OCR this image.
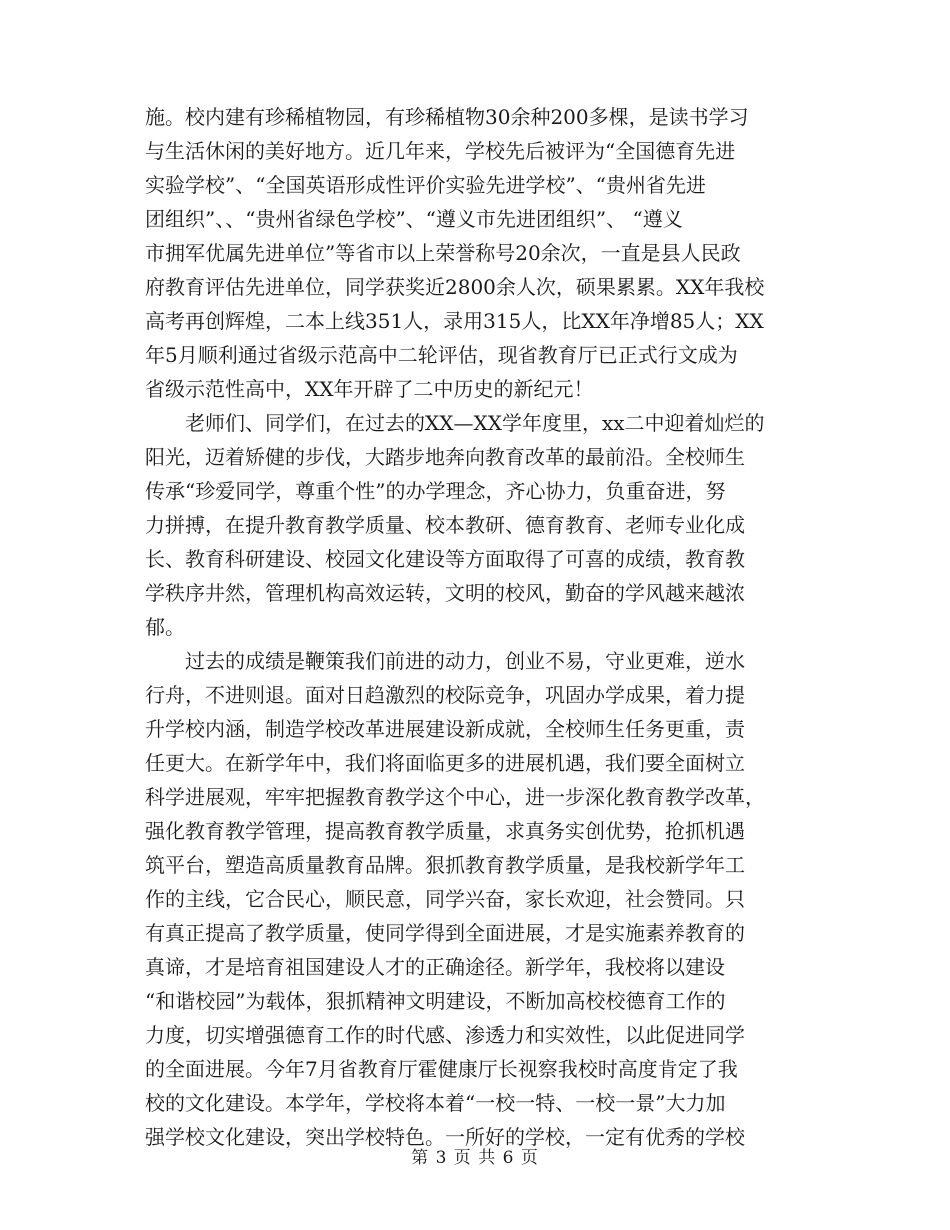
施。校内建有珍稀植物园，有珍稀植物30余种200多棵，是读书学习
与生活休闲的美好地方。近几年来，学校先后被评为“全国德育先进
实验学校”、“全国英语形成性评价实验先进学校”、“贵州省先进
团组织”、、“贵州省绿色学校”、“遵义市先进团组织”、 “遵义
市拥军优属先进单位”等省市以上荣誉称号20余次，一直是县人民政
府教育评估先进单位，同学获奖近2800余人次，硕果累累。XX年我校
高考再创辉煌，二本上线351人，录用315人，比XX年净增85人；XX
年5月顺利通过省级示范高中二轮评估，现省教育厅已正式行文成为
省级示范性高中，XX年开辟了二中历史的新纪元！
　　老师们、同学们，在过去的XX—XX学年度里，xx二中迎着灿烂的
阳光，迈着矫健的步伐，大踏步地奔向教育改革的最前沿。全校师生
传承“珍爱同学，尊重个性”的办学理念，齐心协力，负重奋进，努
力拼搏，在提升教育教学质量、校本教研、德育教育、老师专业化成
长、教育科研建设、校园文化建设等方面取得了可喜的成绩，教育教
学秩序井然，管理机构高效运转，文明的校风，勤奋的学风越来越浓
郁。
　　过去的成绩是鞭策我们前进的动力，创业不易，守业更难，逆水
行舟，不进则退。面对日趋激烈的校际竞争，巩固办学成果，着力提
升学校内涵，制造学校改革进展建设新成就，全校师生任务更重，责
任更大。在新学年中，我们将面临更多的进展机遇，我们要全面树立
科学进展观，牢牢把握教育教学这个中心，进一步深化教育教学改革，
强化教育教学管理，提高教育教学质量，求真务实创优势，抢抓机遇
筑平台，塑造高质量教育品牌。狠抓教育教学质量，是我校新学年工
作的主线，它合民心，顺民意，同学兴奋，家长欢迎，社会赞同。只
有真正提高了教学质量，使同学得到全面进展，才是实施素养教育的
真谛，才是培育祖国建设人才的正确途径。新学年，我校将以建设
“和谐校园”为载体，狠抓精神文明建设，不断加高校校德育工作的
力度，切实增强德育工作的时代感、渗透力和实效性，以此促进同学
的全面进展。今年7月省教育厅霍健康厅长视察我校时高度肯定了我
校的文化建设。本学年，学校将本着“一校一特、一校一景”大力加
强学校文化建设，突出学校特色。一所好的学校，一定有优秀的学校
第 3 页 共 6 页
